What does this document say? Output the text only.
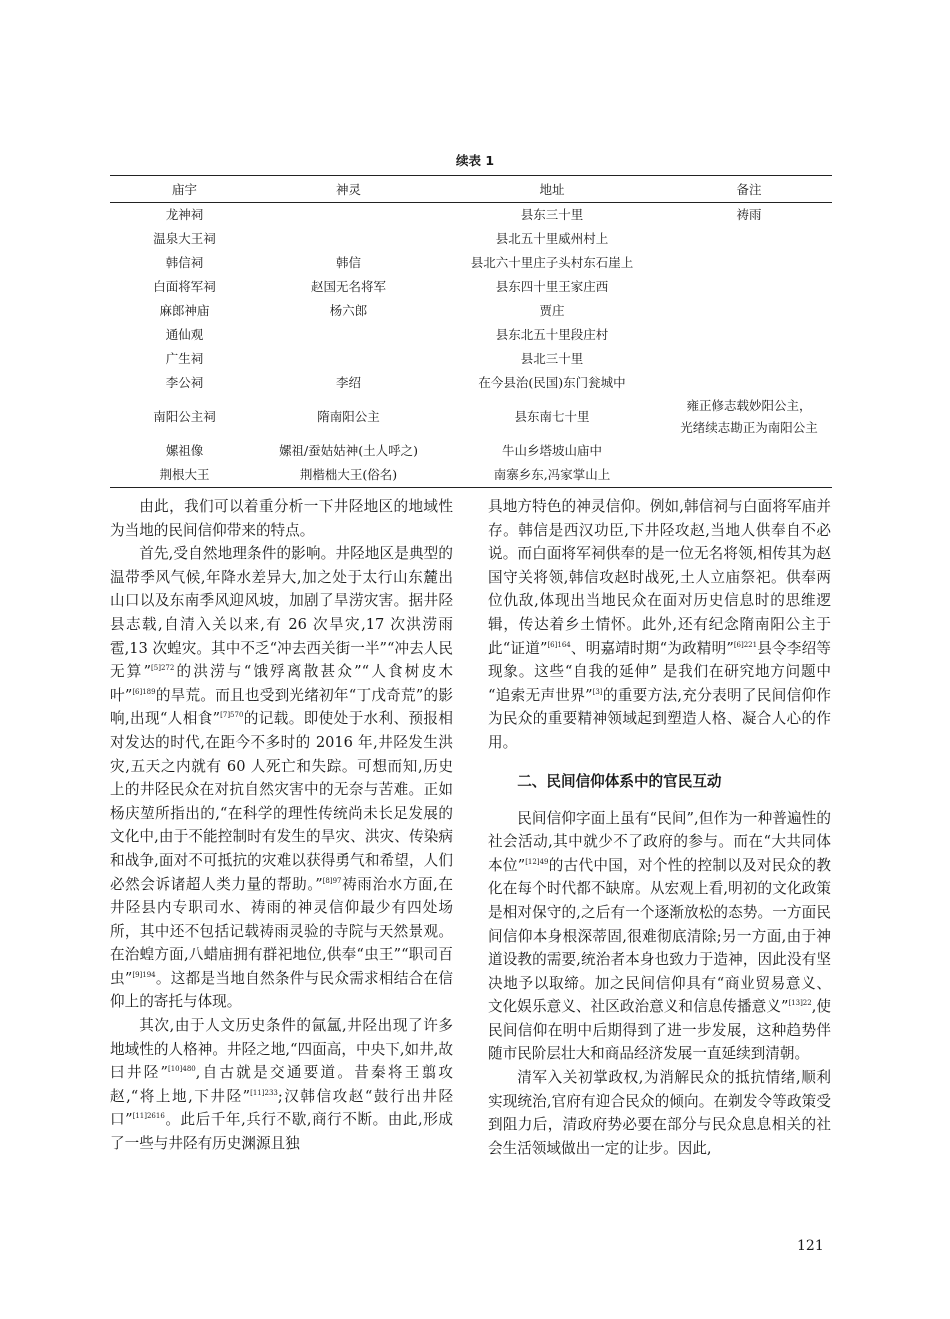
续表 1
庙宇	神灵	地址	备注

龙神祠		县东三十里	祷雨

温泉大王祠		县北五十里威州村上	

韩信祠	韩信	县北六十里庄子头村东石崖上	

白面将军祠	赵国无名将军	县东四十里王家庄西	

麻郎神庙	杨六郎	贾庄	

通仙观		县东北五十里段庄村	

广生祠		县北三十里	

李公祠	李绍	在今县治(民国)东门瓮城中	

南阳公主祠	隋南阳公主	县东南七十里	雍正修志载妙阳公主，
光绪续志勘正为南阳公主

嫘祖像	嫘祖/蚕姑姑神(土人呼之)	牛山乡塔坡山庙中	

荆根大王	荆楷柮大王(俗名)	南寨乡东,冯家掌山上	

由此，我们可以着重分析一下井陉地区的地域性为当地的民间信仰带来的特点。

首先,受自然地理条件的影响。井陉地区是典型的温带季风气候,年降水差异大,加之处于太行山东麓出山口以及东南季风迎风坡，加剧了旱涝灾害。据井陉县志载,自清入关以来,有 26 次旱灾,17 次洪涝雨雹,13 次蝗灾。其中不乏“冲去西关街一半”“冲去人民无算”$^{[5]272}$的洪涝与“饿殍离散甚众”“人食树皮木叶”$^{[6]189}$的旱荒。而且也受到光绪初年“丁戊奇荒”的影响,出现“人相食”$^{[7]570}$的记载。即使处于水利、预报相对发达的时代,在距今不多时的 2016 年,井陉发生洪灾,五天之内就有 60 人死亡和失踪。可想而知,历史上的井陉民众在对抗自然灾害中的无奈与苦难。正如杨庆堃所指出的,“在科学的理性传统尚未长足发展的文化中,由于不能控制时有发生的旱灾、洪灾、传染病和战争,面对不可抵抗的灾难以获得勇气和希望，人们必然会诉诸超人类力量的帮助。”$^{[8]97}$祷雨治水方面,在井陉县内专职司水、祷雨的神灵信仰最少有四处场所，其中还不包括记载祷雨灵验的寺院与天然景观。在治蝗方面,八蜡庙拥有群祀地位,供奉“虫王”“职司百虫”$^{[9]194}$。这都是当地自然条件与民众需求相结合在信仰上的寄托与体现。

其次,由于人文历史条件的氤氲,井陉出现了许多地域性的人格神。井陉之地,“四面高，中央下,如井,故曰井陉”$^{[10]480}$,自古就是交通要道。昔秦将王翦攻赵,“将上地,下井陉”$^{[11]233}$;汉韩信攻赵“鼓行出井陉口”$^{[11]2616}$。此后千年,兵行不歇,商行不断。由此,形成了一些与井陉有历史渊源且独

具地方特色的神灵信仰。例如,韩信祠与白面将军庙并存。韩信是西汉功臣,下井陉攻赵,当地人供奉自不必说。而白面将军祠供奉的是一位无名将领,相传其为赵国守关将领,韩信攻赵时战死,土人立庙祭祀。供奉两位仇敌,体现出当地民众在面对历史信息时的思维逻辑，传达着乡土情怀。此外,还有纪念隋南阳公主于此“证道”$^{[6]164}$、明嘉靖时期“为政精明”$^{[6]221}$县令李绍等现象。这些“自我的延伸” 是我们在研究地方问题中 “追索无声世界”[3]的重要方法,充分表明了民间信仰作为民众的重要精神领域起到塑造人格、凝合人心的作用。

二、民间信仰体系中的官民互动

民间信仰字面上虽有“民间”,但作为一种普遍性的社会活动,其中就少不了政府的参与。而在“大共同体本位”$^{[12]49}$的古代中国，对个性的控制以及对民众的教化在每个时代都不缺席。从宏观上看,明初的文化政策是相对保守的,之后有一个逐渐放松的态势。一方面民间信仰本身根深蒂固,很难彻底清除;另一方面,由于神道设教的需要,统治者本身也致力于造神，因此没有坚决地予以取缔。加之民间信仰具有“商业贸易意义、文化娱乐意义、社区政治意义和信息传播意义”$^{[13]22}$,使民间信仰在明中后期得到了进一步发展，这种趋势伴随市民阶层壮大和商品经济发展一直延续到清朝。

清军入关初掌政权,为消解民众的抵抗情绪,顺利实现统治,官府有迎合民众的倾向。在剃发令等政策受到阻力后，清政府势必要在部分与民众息息相关的社会生活领域做出一定的让步。因此,

121
